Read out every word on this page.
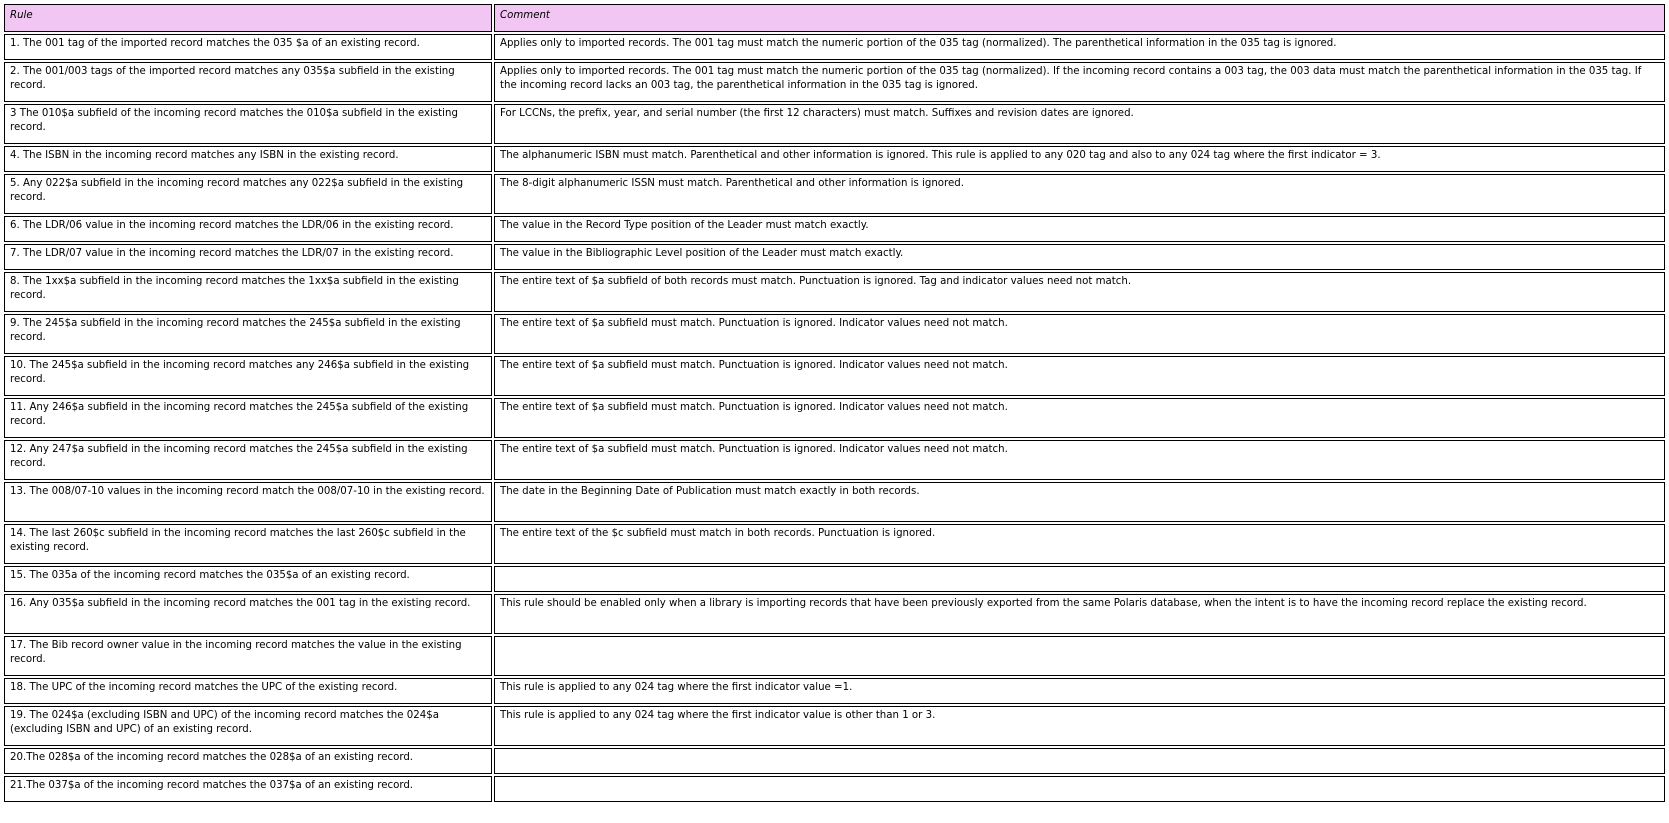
Rule	Comment
1. The 001 tag of the imported record matches the 035 $a of an existing record.	Applies only to imported records. The 001 tag must match the numeric portion of the 035 tag (normalized). The parenthetical information in the 035 tag is ignored.
2. The 001/003 tags of the imported record matches any 035$a subfield in the existing record.	Applies only to imported records. The 001 tag must match the numeric portion of the 035 tag (normalized). If the incoming record contains a 003 tag, the 003 data must match the parenthetical information in the 035 tag. If the incoming record lacks an 003 tag, the parenthetical information in the 035 tag is ignored.
3 The 010$a subfield of the incoming record matches the 010$a subfield in the existing record.	For LCCNs, the prefix, year, and serial number (the first 12 characters) must match. Suffixes and revision dates are ignored.
4. The ISBN in the incoming record matches any ISBN in the existing record.	The alphanumeric ISBN must match. Parenthetical and other information is ignored. This rule is applied to any 020 tag and also to any 024 tag where the first indicator = 3.
5. Any 022$a subfield in the incoming record matches any 022$a subfield in the existing record.	The 8-digit alphanumeric ISSN must match. Parenthetical and other information is ignored.
6. The LDR/06 value in the incoming record matches the LDR/06 in the existing record.	The value in the Record Type position of the Leader must match exactly.
7. The LDR/07 value in the incoming record matches the LDR/07 in the existing record.	The value in the Bibliographic Level position of the Leader must match exactly.
8. The 1xx$a subfield in the incoming record matches the 1xx$a subfield in the existing record.	The entire text of $a subfield of both records must match. Punctuation is ignored. Tag and indicator values need not match.
9. The 245$a subfield in the incoming record matches the 245$a subfield in the existing record.	The entire text of $a subfield must match. Punctuation is ignored. Indicator values need not match.
10. The 245$a subfield in the incoming record matches any 246$a subfield in the existing record.	The entire text of $a subfield must match. Punctuation is ignored. Indicator values need not match.
11. Any 246$a subfield in the incoming record matches the 245$a subfield of the existing record.	The entire text of $a subfield must match. Punctuation is ignored. Indicator values need not match.
12. Any 247$a subfield in the incoming record matches the 245$a subfield in the existing record.	The entire text of $a subfield must match. Punctuation is ignored. Indicator values need not match.
13. The 008/07-10 values in the incoming record match the 008/07-10 in the existing record.	The date in the Beginning Date of Publication must match exactly in both records.
14. The last 260$c subfield in the incoming record matches the last 260$c subfield in the existing record.	The entire text of the $c subfield must match in both records. Punctuation is ignored.
15. The 035a of the incoming record matches the 035$a of an existing record.	
16. Any 035$a subfield in the incoming record matches the 001 tag in the existing record.	This rule should be enabled only when a library is importing records that have been previously exported from the same Polaris database, when the intent is to have the incoming record replace the existing record.
17. The Bib record owner value in the incoming record matches the value in the existing record.	
18. The UPC of the incoming record matches the UPC of the existing record.	This rule is applied to any 024 tag where the first indicator value =1.
19. The 024$a (excluding ISBN and UPC) of the incoming record matches the 024$a (excluding ISBN and UPC) of an existing record.	This rule is applied to any 024 tag where the first indicator value is other than 1 or 3.
20.The 028$a of the incoming record matches the 028$a of an existing record.	
21.The 037$a of the incoming record matches the 037$a of an existing record.	
